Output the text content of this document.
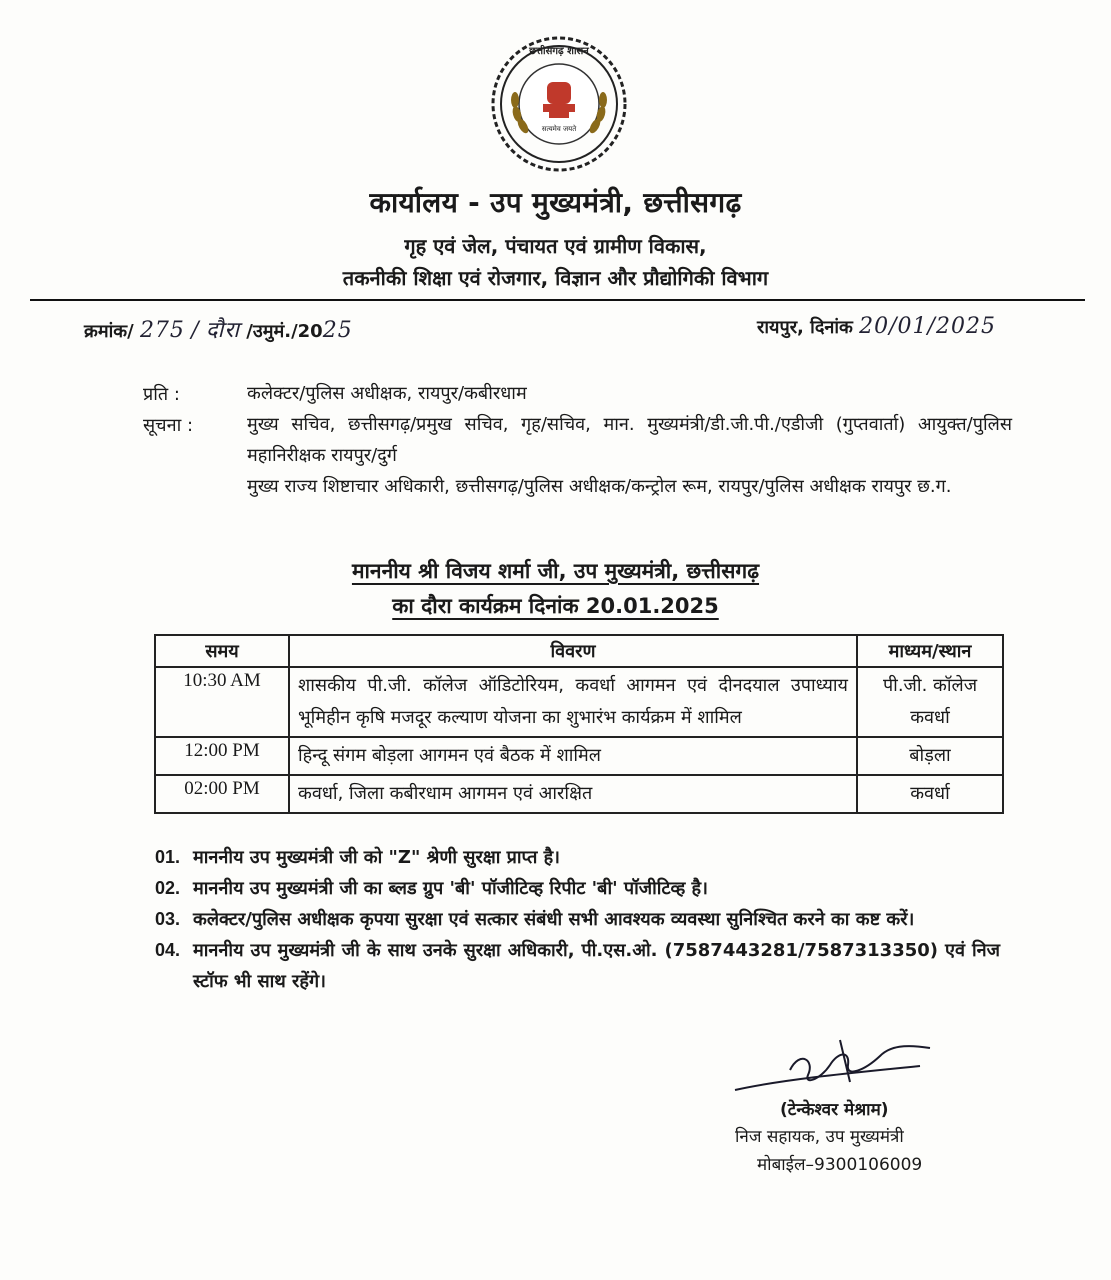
सत्यमेव जयते
छत्तीसगढ़ शासन
कार्यालय - उप मुख्यमंत्री, छत्तीसगढ़
गृह एवं जेल, पंचायत एवं ग्रामीण विकास,
तकनीकी शिक्षा एवं रोजगार, विज्ञान और प्रौद्योगिकी विभाग
क्रमांक/ 275 / दौरा /उमुमं./2025	रायपुर, दिनांक 20/01/2025
प्रति :	कलेक्टर/पुलिस अधीक्षक, रायपुर/कबीरधाम
सूचना :	मुख्य सचिव, छत्तीसगढ़/प्रमुख सचिव, गृह/सचिव, मान. मुख्यमंत्री/डी.जी.पी./एडीजी (गुप्तवार्ता) आयुक्त/पुलिस महानिरीक्षक रायपुर/दुर्ग
मुख्य राज्य शिष्टाचार अधिकारी, छत्तीसगढ़/पुलिस अधीक्षक/कन्ट्रोल रूम, रायपुर/पुलिस अधीक्षक रायपुर छ.ग.
माननीय श्री विजय शर्मा जी, उप मुख्यमंत्री, छत्तीसगढ़
का दौरा कार्यक्रम दिनांक 20.01.2025
समय	विवरण	माध्यम/स्थान
10:30 AM	शासकीय पी.जी. कॉलेज ऑडिटोरियम, कवर्धा आगमन एवं दीनदयाल उपाध्याय भूमिहीन कृषि मजदूर कल्याण योजना का शुभारंभ कार्यक्रम में शामिल	पी.जी. कॉलेज
कवर्धा

12:00 PM	हिन्दू संगम बोड़ला आगमन एवं बैठक में शामिल	बोड़ला

02:00 PM	कवर्धा, जिला कबीरधाम आगमन एवं आरक्षित	कवर्धा

01. माननीय उप मुख्यमंत्री जी को "Z" श्रेणी सुरक्षा प्राप्त है।

02. माननीय उप मुख्यमंत्री जी का ब्लड ग्रुप 'बी' पॉजीटिव्ह रिपीट 'बी' पॉजीटिव्ह है।

03. कलेक्टर/पुलिस अधीक्षक कृपया सुरक्षा एवं सत्कार संबंधी सभी आवश्यक व्यवस्था सुनिश्चित करने का कष्ट करें।

04. माननीय उप मुख्यमंत्री जी के साथ उनके सुरक्षा अधिकारी, पी.एस.ओ. (7587443281/7587313350) एवं निज स्टॉफ भी साथ रहेंगे।

(टेन्केश्वर मेश्राम)
निज सहायक, उप मुख्यमंत्री
मोबाईल–9300106009
